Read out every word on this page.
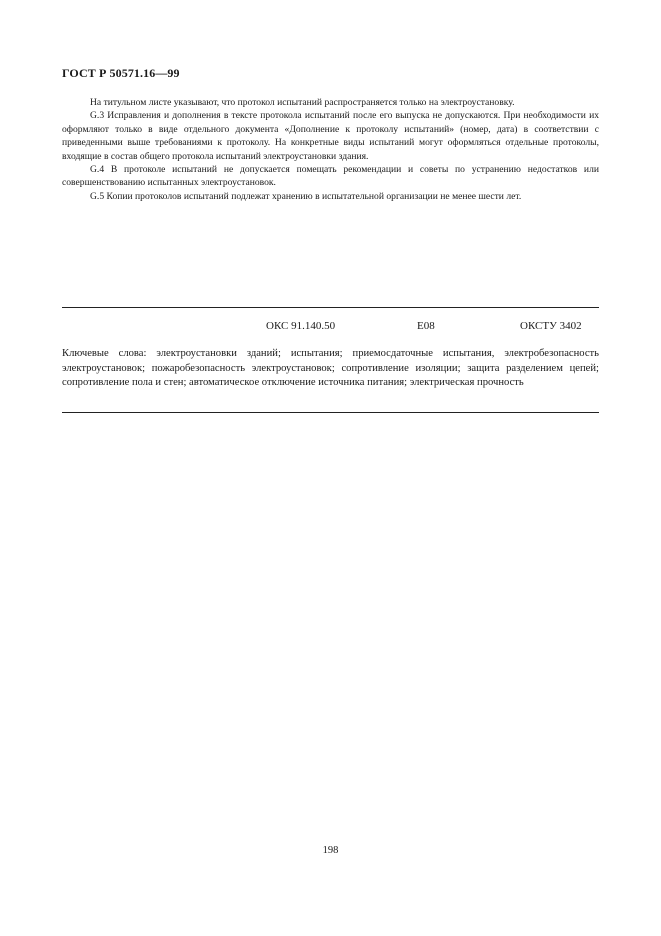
ГОСТ Р 50571.16—99

На титульном листе указывают, что протокол испытаний распространяется только на электроустановку.

G.3 Исправления и дополнения в тексте протокола испытаний после его выпуска не допускаются. При необходимости их оформляют только в виде отдельного документа «Дополнение к протоколу испытаний» (номер, дата) в соответствии с приведенными выше требованиями к протоколу. На конкретные виды испытаний могут оформляться отдельные протоколы, входящие в состав общего протокола испытаний электроустановки здания.

G.4 В протоколе испытаний не допускается помещать рекомендации и советы по устранению недостатков или совершенствованию испытанных электроустановок.

G.5 Копии протоколов испытаний подлежат хранению в испытательной организации не менее шести лет.

ОКС 91.140.50	Е08	ОКСТУ 3402
Ключевые слова: электроустановки зданий; испытания; приемосдаточные испытания, электробезопасность электроустановок; пожаробезопасность электроустановок; сопротивление изоляции; защита разделением цепей; сопротивление пола и стен; автоматическое отключение источника питания; электрическая прочность
198
